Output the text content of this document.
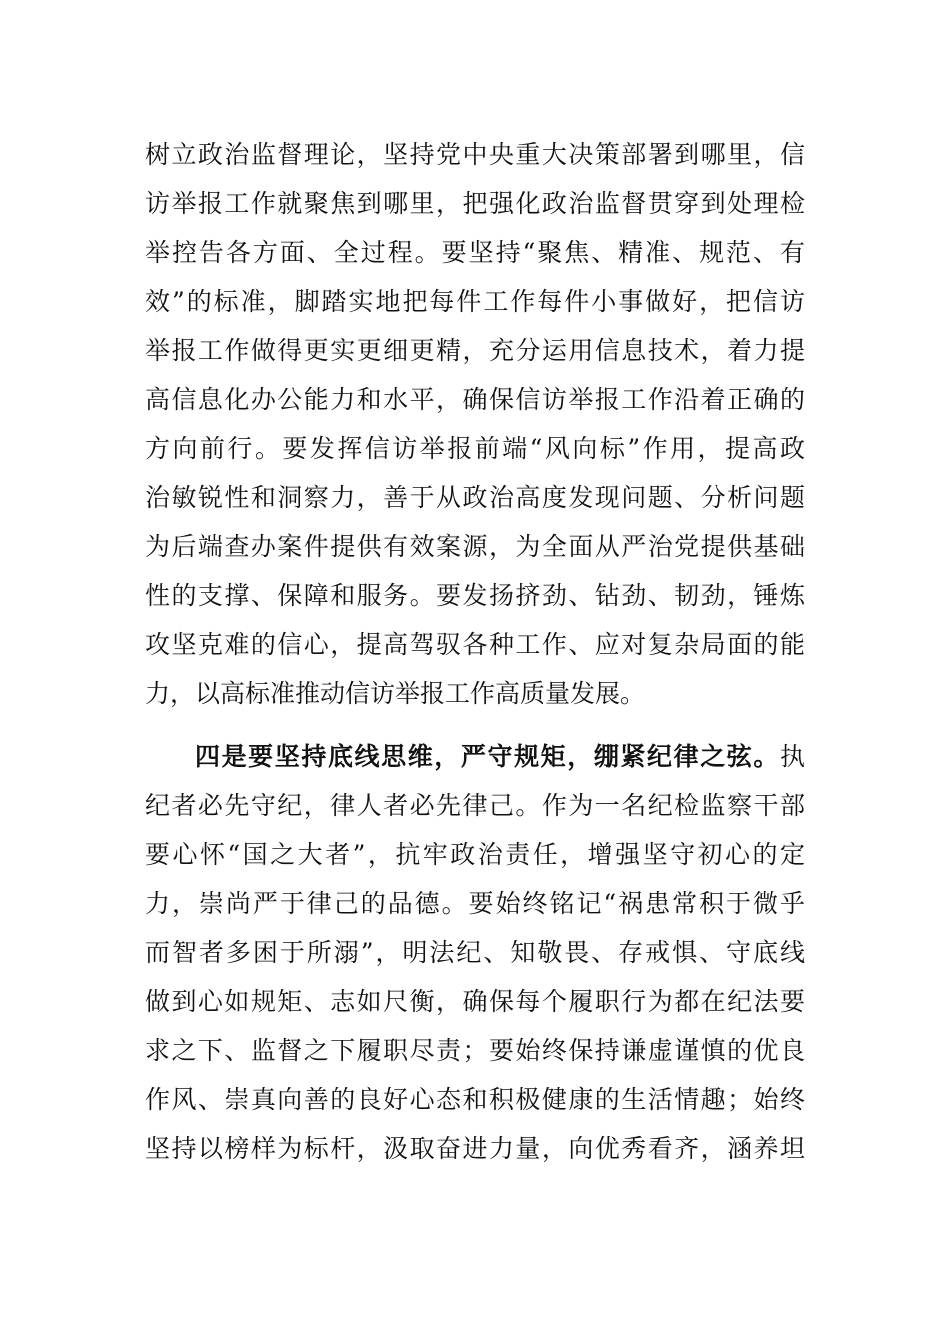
树立政治监督理论，坚持党中央重大决策部署到哪里，信
访举报工作就聚焦到哪里，把强化政治监督贯穿到处理检
举控告各方面、全过程。要坚持“聚焦、精准、规范、有
效”的标准，脚踏实地把每件工作每件小事做好，把信访
举报工作做得更实更细更精，充分运用信息技术，着力提
高信息化办公能力和水平，确保信访举报工作沿着正确的
方向前行。要发挥信访举报前端“风向标”作用，提高政
治敏锐性和洞察力，善于从政治高度发现问题、分析问题
为后端查办案件提供有效案源，为全面从严治党提供基础
性的支撑、保障和服务。要发扬挤劲、钻劲、韧劲，锤炼
攻坚克难的信心，提高驾驭各种工作、应对复杂局面的能
力，以高标准推动信访举报工作高质量发展。
四是要坚持底线思维，严守规矩，绷紧纪律之弦。执
纪者必先守纪，律人者必先律己。作为一名纪检监察干部
要心怀“国之大者”，抗牢政治责任，增强坚守初心的定
力，崇尚严于律己的品德。要始终铭记“祸患常积于微乎
而智者多困于所溺”，明法纪、知敬畏、存戒惧、守底线
做到心如规矩、志如尺衡，确保每个履职行为都在纪法要
求之下、监督之下履职尽责；要始终保持谦虚谨慎的优良
作风、崇真向善的良好心态和积极健康的生活情趣；始终
坚持以榜样为标杆，汲取奋进力量，向优秀看齐，涵养坦
